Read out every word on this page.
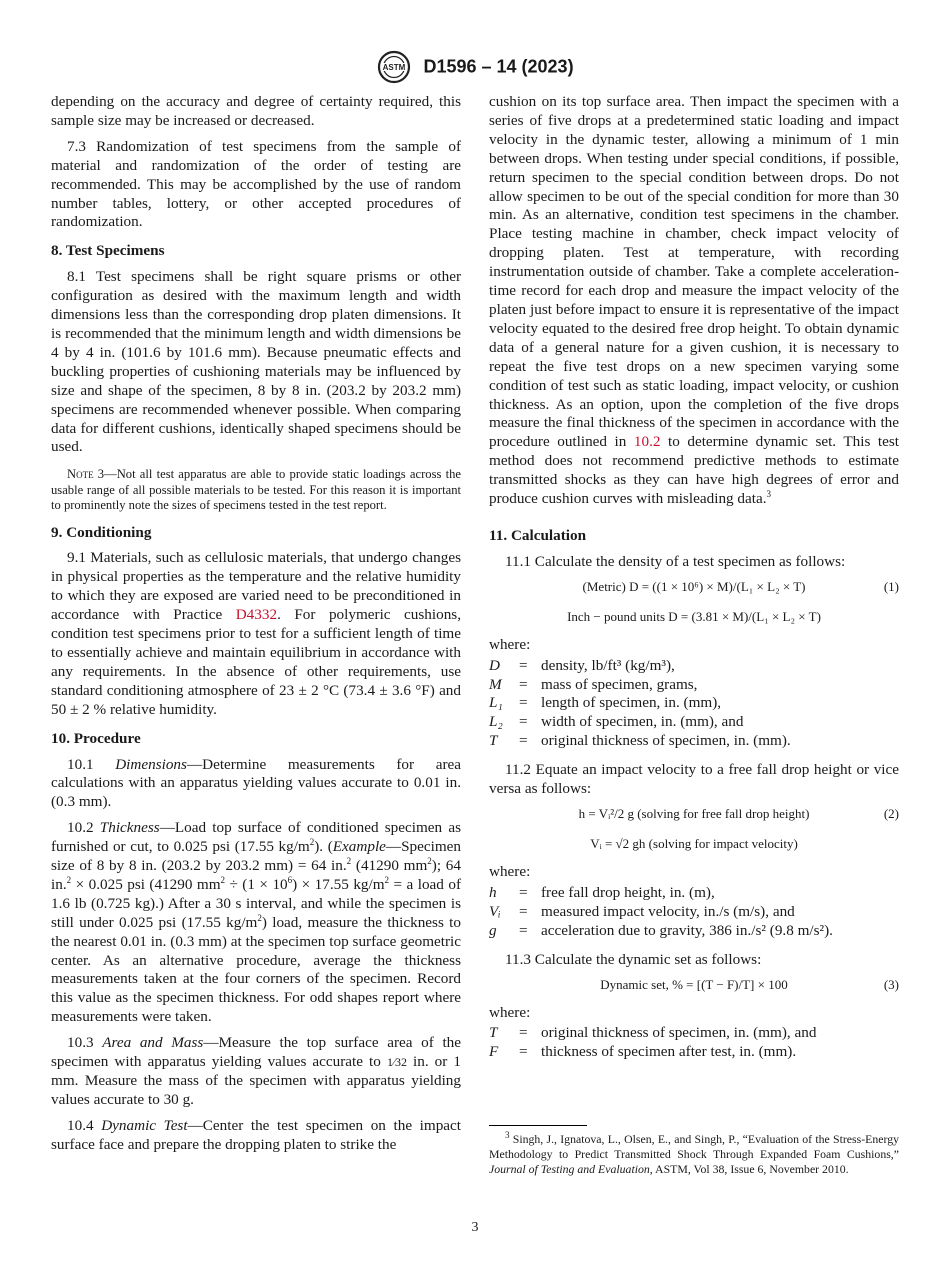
ASTM D1596 – 14 (2023)

depending on the accuracy and degree of certainty required, this sample size may be increased or decreased.

7.3 Randomization of test specimens from the sample of material and randomization of the order of testing are recommended. This may be accomplished by the use of random number tables, lottery, or other accepted procedures of randomization.

8. Test Specimens

8.1 Test specimens shall be right square prisms or other configuration as desired with the maximum length and width dimensions less than the corresponding drop platen dimensions. It is recommended that the minimum length and width dimensions be 4 by 4 in. (101.6 by 101.6 mm). Because pneumatic effects and buckling properties of cushioning materials may be influenced by size and shape of the specimen, 8 by 8 in. (203.2 by 203.2 mm) specimens are recommended whenever possible. When comparing data for different cushions, identically shaped specimens should be used.

Note 3—Not all test apparatus are able to provide static loadings across the usable range of all possible materials to be tested. For this reason it is important to prominently note the sizes of specimens tested in the test report.

9. Conditioning

9.1 Materials, such as cellulosic materials, that undergo changes in physical properties as the temperature and the relative humidity to which they are exposed are varied need to be preconditioned in accordance with Practice D4332. For polymeric cushions, condition test specimens prior to test for a sufficient length of time to essentially achieve and maintain equilibrium in accordance with any requirements. In the absence of other requirements, use standard conditioning atmosphere of 23 ± 2 °C (73.4 ± 3.6 °F) and 50 ± 2 % relative humidity.

10. Procedure

10.1 Dimensions—Determine measurements for area calculations with an apparatus yielding values accurate to 0.01 in. (0.3 mm).

10.2 Thickness—Load top surface of conditioned specimen as furnished or cut, to 0.025 psi (17.55 $kg/m^2$). (Example—Specimen size of 8 by 8 in. (203.2 by 203.2 mm) = 64 in.$^2$ (41290 $mm^2$); 64 in.$^2$ × 0.025 psi (41290 $mm^2 \div (1 \times 10^6) \times 17.55$ $kg/m^2 = a$ load of 1.6 lb (0.725 kg).) After a 30 s interval, and while the specimen is still under 0.025 psi (17.55 $kg/m^2$) load, measure the thickness to the nearest 0.01 in. (0.3 mm) at the specimen top surface geometric center. As an alternative procedure, average the thickness measurements taken at the four corners of the specimen. Record this value as the specimen thickness. For odd shapes report where measurements were taken.

10.3 Area and Mass—Measure the top surface area of the specimen with apparatus yielding values accurate to 1⁄32 in. or 1 mm. Measure the mass of the specimen with apparatus yielding values accurate to 30 g.

10.4 Dynamic Test—Center the test specimen on the impact surface face and prepare the dropping platen to strike the

cushion on its top surface area. Then impact the specimen with a series of five drops at a predetermined static loading and impact velocity in the dynamic tester, allowing a minimum of 1 min between drops. When testing under special conditions, if possible, return specimen to the special condition between drops. Do not allow specimen to be out of the special condition for more than 30 min. As an alternative, condition test specimens in the chamber. Place testing machine in chamber, check impact velocity of dropping platen. Test at temperature, with recording instrumentation outside of chamber. Take a complete acceleration-time record for each drop and measure the impact velocity of the platen just before impact to ensure it is representative of the impact velocity equated to the desired free drop height. To obtain dynamic data of a general nature for a given cushion, it is necessary to repeat the five test drops on a new specimen varying some condition of test such as static loading, impact velocity, or cushion thickness. As an option, upon the completion of the five drops measure the final thickness of the specimen in accordance with the procedure outlined in 10.2 to determine dynamic set. This test method does not recommend predictive methods to estimate transmitted shocks as they can have high degrees of error and produce cushion curves with misleading data.$^3$

11. Calculation

11.1 Calculate the density of a test specimen as follows:

(Metric) D = ((1 × 10⁶) × M)/(L₁ × L₂ × T)	(1)
Inch − pound units D = (3.81 × M)/(L₁ × L₂ × T)

where:

D	= density, lb/ft³ (kg/m³),
M	= mass of specimen, grams,
L₁	= length of specimen, in. (mm),
L₂	= width of specimen, in. (mm), and
T	= original thickness of specimen, in. (mm).

11.2 Equate an impact velocity to a free fall drop height or vice versa as follows:

h = Vᵢ²/2 g (solving for free fall drop height)	(2)
Vᵢ = √2 gh (solving for impact velocity)

where:

h	= free fall drop height, in. (m),
Vᵢ	= measured impact velocity, in./s (m/s), and
g	= acceleration due to gravity, 386 in./s² (9.8 m/s²).

11.3 Calculate the dynamic set as follows:

Dynamic set, % = [(T − F)/T] × 100	(3)

where:

T	= original thickness of specimen, in. (mm), and
F	= thickness of specimen after test, in. (mm).

$^3$ Singh, J., Ignatova, L., Olsen, E., and Singh, P., “Evaluation of the Stress-Energy Methodology to Predict Transmitted Shock Through Expanded Foam Cushions,” Journal of Testing and Evaluation, ASTM, Vol 38, Issue 6, November 2010.

3
